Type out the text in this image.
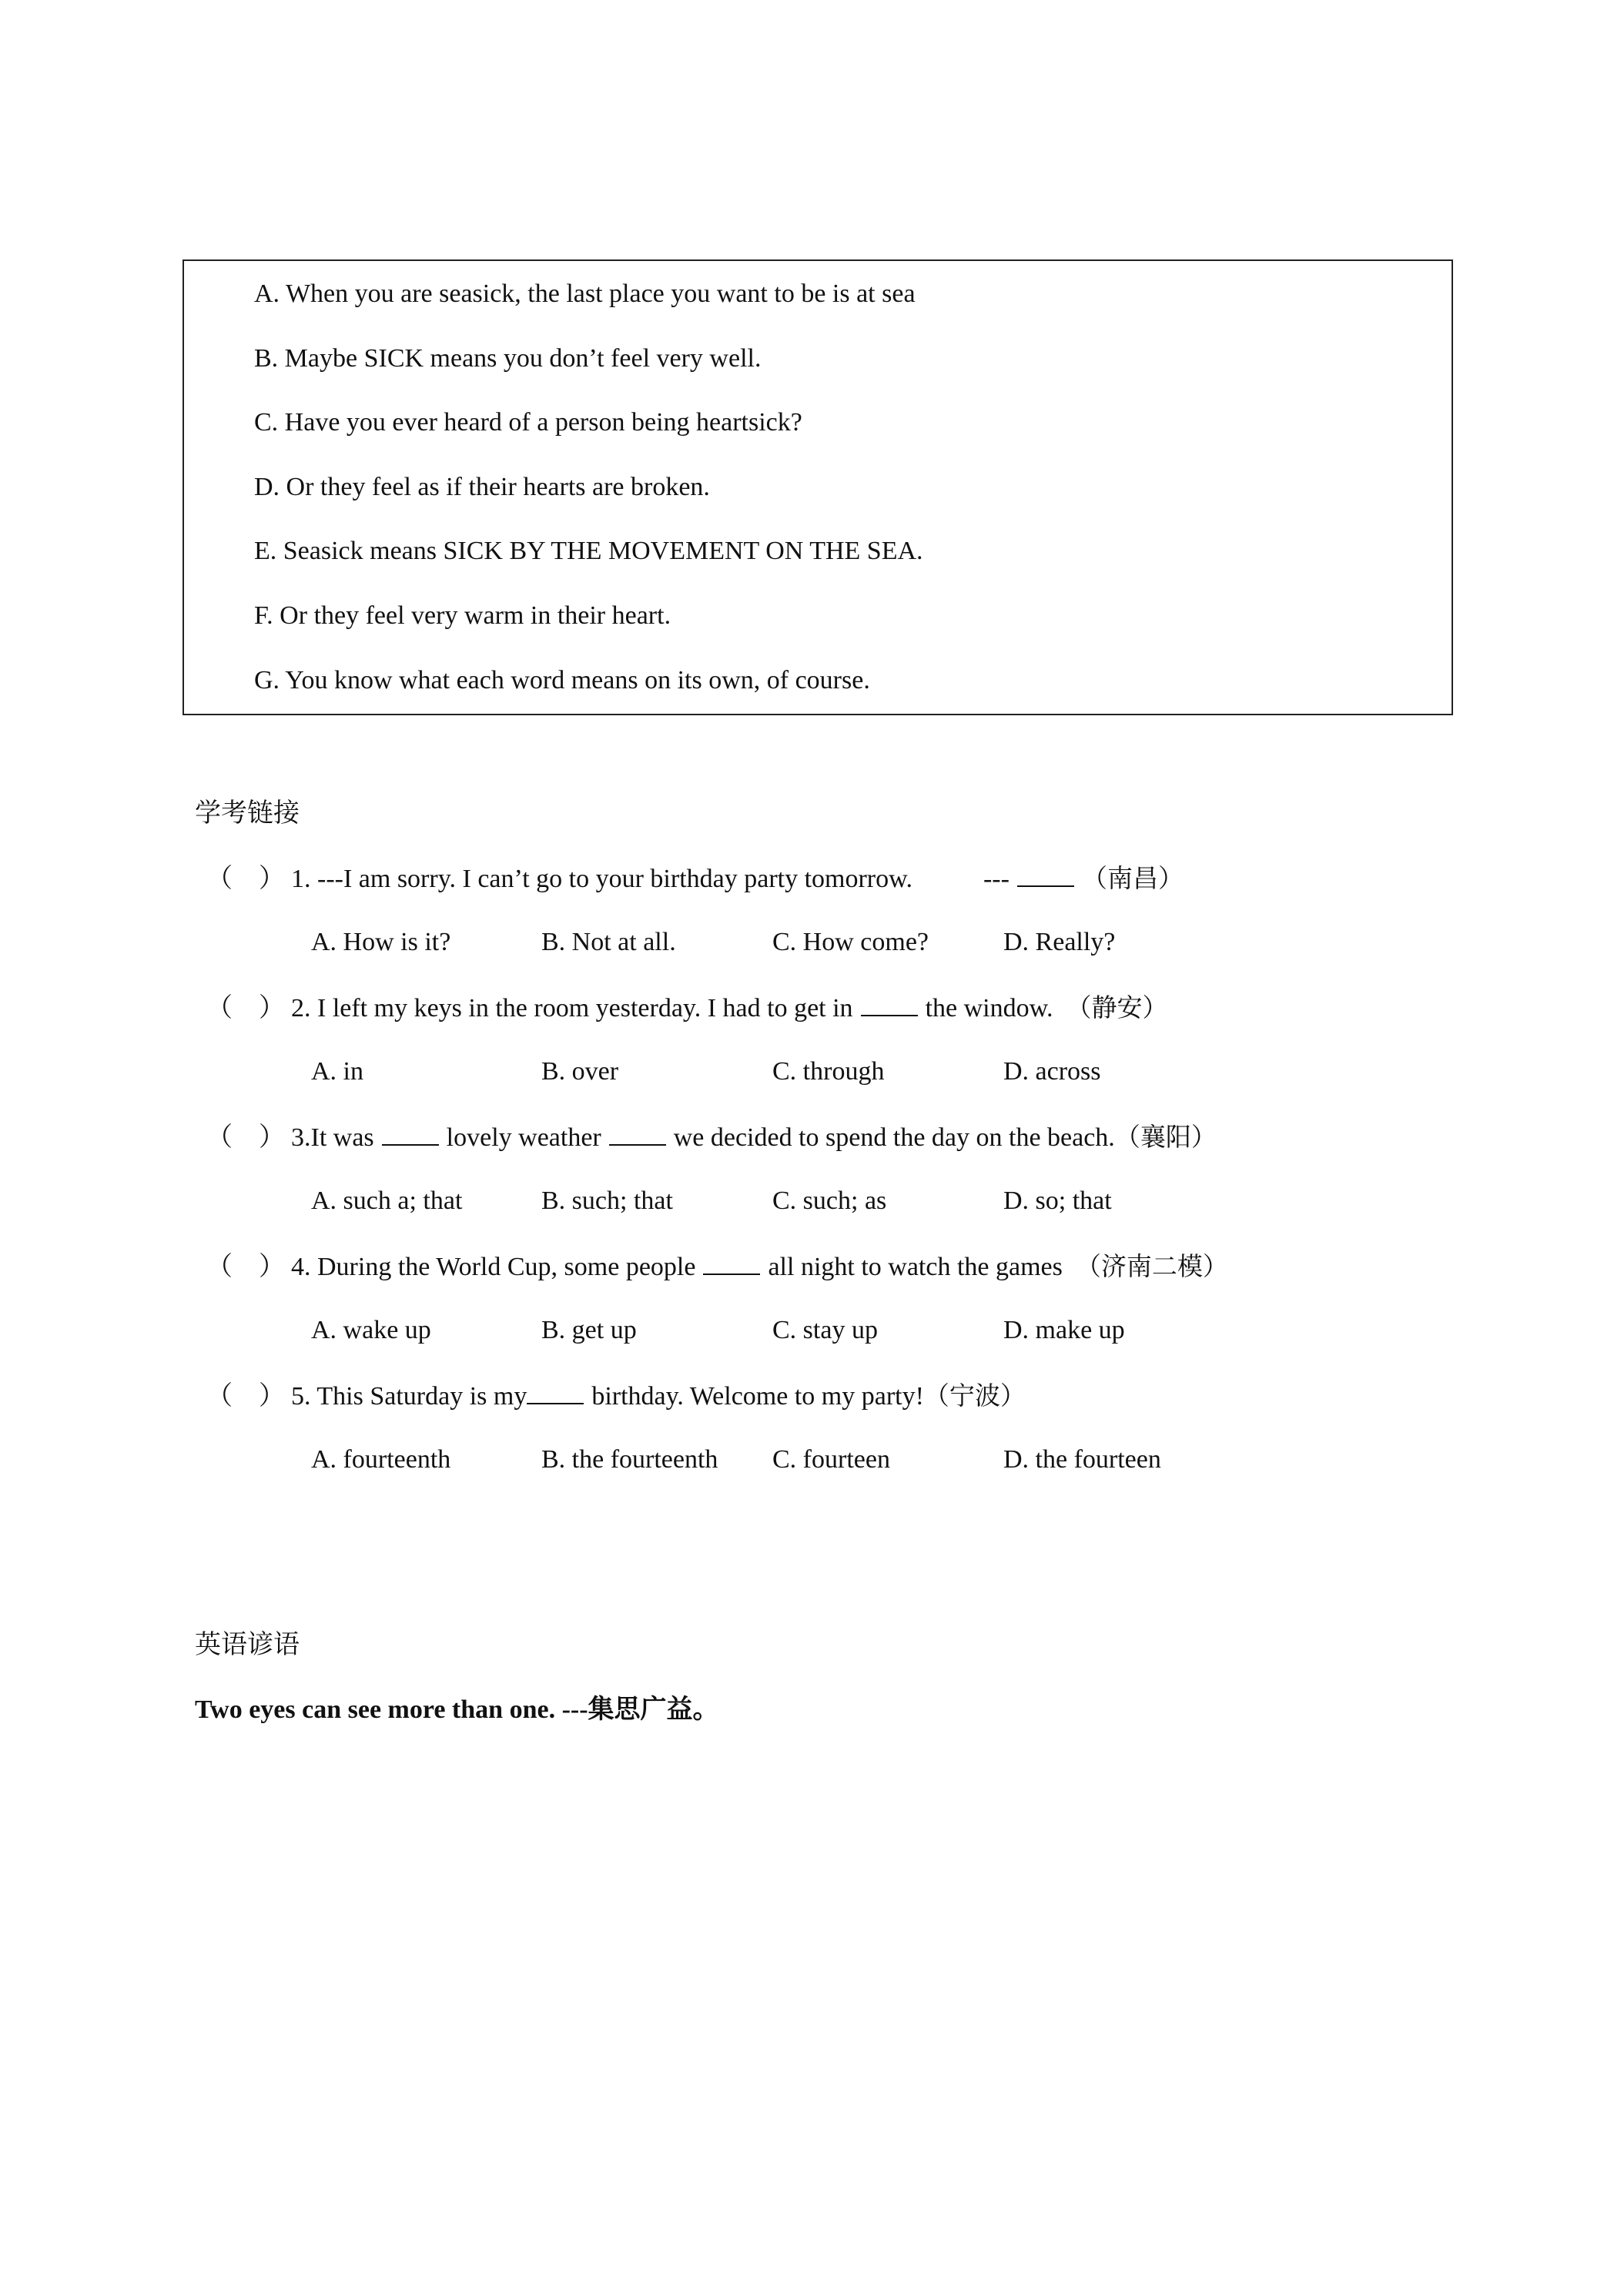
A. When you are seasick, the last place you want to be is at sea
B. Maybe SICK means you don’t feel very well.
C. Have you ever heard of a person being heartsick?
D. Or they feel as if their hearts are broken.
E. Seasick means SICK BY THE MOVEMENT ON THE SEA.
F. Or they feel very warm in their heart.
G. You know what each word means on its own, of course.
学考链接
（　） 1. ---I am sorry. I can’t go to your birthday party tomorrow.	---	（南昌）
A. How is it?	B. Not at all.	C. How come?	D. Really?
（　） 2. I left my keys in the room yesterday. I had to get in	the window. （静安）
A. in	B. over	C. through	D. across
（　） 3.It was	lovely weather	we decided to spend the day on the beach.（襄阳）
A. such a; that	B. such; that	C. such; as	D. so; that
（　） 4. During the World Cup, some people	all night to watch the games （济南二模）
A. wake up	B. get up	C. stay up	D. make up
（　） 5. This Saturday is my birthday. Welcome to my party!（宁波）
A. fourteenth	B. the fourteenth C. fourteen	D. the fourteen
英语谚语
Two eyes can see more than one. ---集思广益。
